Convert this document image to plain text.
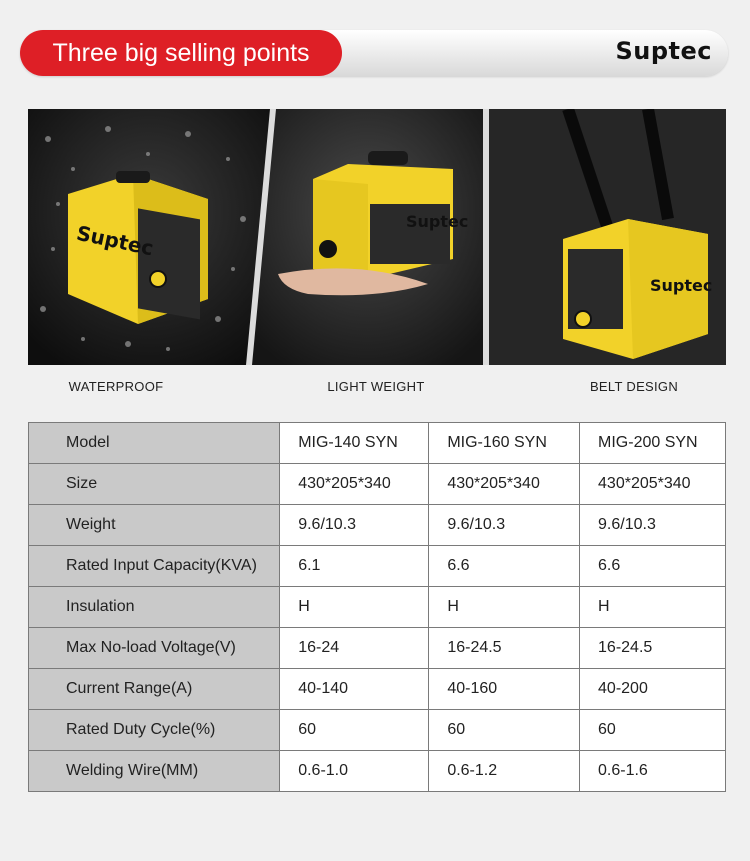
Three big selling points	Suptec
Suptec	Suptec
Suptec
WATERPROOF	LIGHT WEIGHT	BELT DESIGN
Model	MIG-140 SYN	MIG-160 SYN	MIG-200 SYN
Size	430*205*340	430*205*340	430*205*340
Weight	9.6/10.3	9.6/10.3	9.6/10.3
Rated Input Capacity(KVA)	6.1	6.6	6.6
Insulation	H	H	H
Max No-load Voltage(V)	16-24	16-24.5	16-24.5
Current Range(A)	40-140	40-160	40-200
Rated Duty Cycle(%)	60	60	60
Welding Wire(MM)	0.6-1.0	0.6-1.2	0.6-1.6
